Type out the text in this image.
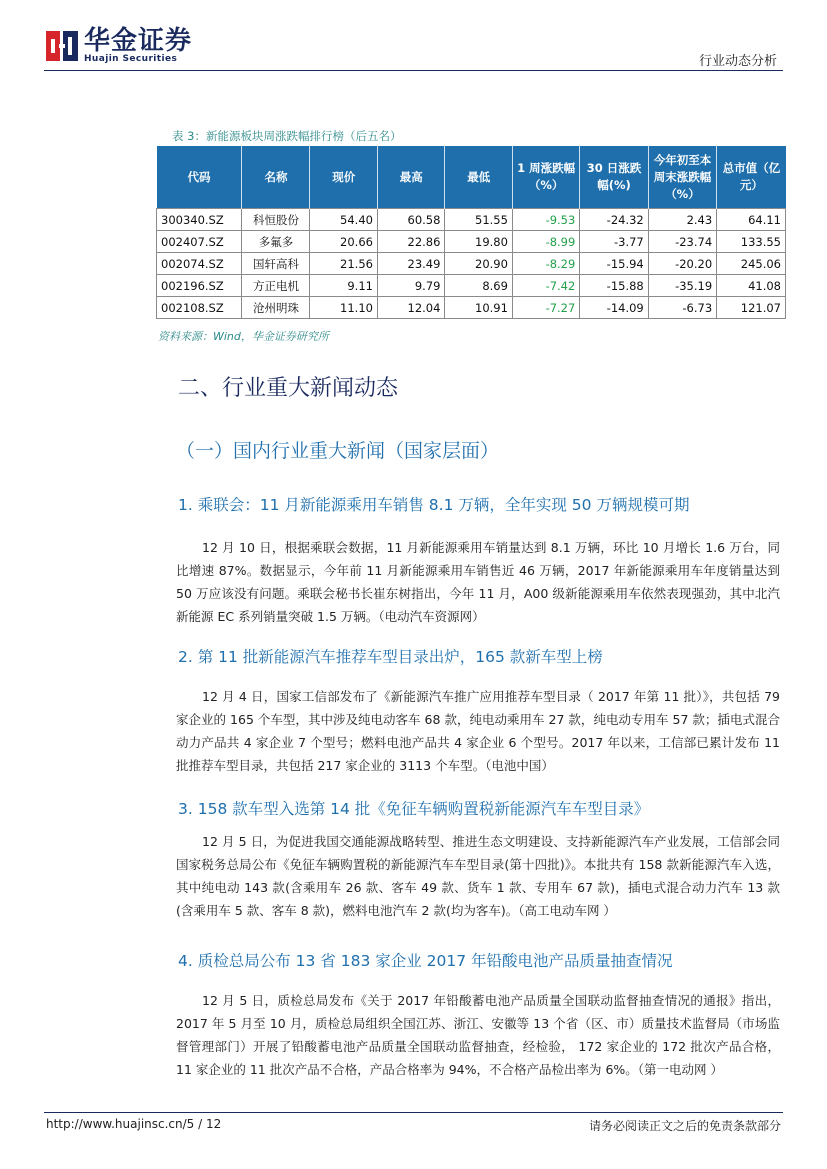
华金证券
Huajin Securities	行业动态分析
表 3：新能源板块周涨跌幅排行榜（后五名）
代码	名称	现价	最高	最低	1 周涨跌幅（%）	30 日涨跌幅(%)	今年初至本周末涨跌幅（%）	总市值（亿元）
300340.SZ	科恒股份	54.40	60.58	51.55	-9.53	-24.32	2.43	64.11
002407.SZ	多氟多	20.66	22.86	19.80	-8.99	-3.77	-23.74	133.55
002074.SZ	国轩高科	21.56	23.49	20.90	-8.29	-15.94	-20.20	245.06
002196.SZ	方正电机	9.11	9.79	8.69	-7.42	-15.88	-35.19	41.08
002108.SZ	沧州明珠	11.10	12.04	10.91	-7.27	-14.09	-6.73	121.07
资料来源：Wind，华金证券研究所
二、行业重大新闻动态
（一）国内行业重大新闻（国家层面）
1. 乘联会：11 月新能源乘用车销售 8.1 万辆，全年实现 50 万辆规模可期

12 月 10 日，根据乘联会数据，11 月新能源乘用车销量达到 8.1 万辆，环比 10 月增长 1.6 万台，同比增速 87%。数据显示，今年前 11 月新能源乘用车销售近 46 万辆，2017 年新能源乘用车年度销量达到 50 万应该没有问题。乘联会秘书长崔东树指出，今年 11 月，A00 级新能源乘用车依然表现强劲，其中北汽新能源 EC 系列销量突破 1.5 万辆。（电动汽车资源网）

2. 第 11 批新能源汽车推荐车型目录出炉，165 款新车型上榜

12 月 4 日，国家工信部发布了《新能源汽车推广应用推荐车型目录（ 2017 年第 11 批）》，共包括 79 家企业的 165 个车型，其中涉及纯电动客车 68 款，纯电动乘用车 27 款，纯电动专用车 57 款；插电式混合动力产品共 4 家企业 7 个型号；燃料电池产品共 4 家企业 6 个型号。2017 年以来，工信部已累计发布 11 批推荐车型目录，共包括 217 家企业的 3113 个车型。（电池中国）

3. 158 款车型入选第 14 批《免征车辆购置税新能源汽车车型目录》

12 月 5 日，为促进我国交通能源战略转型、推进生态文明建设、支持新能源汽车产业发展，工信部会同国家税务总局公布《免征车辆购置税的新能源汽车车型目录(第十四批)》。本批共有 158 款新能源汽车入选，其中纯电动 143 款(含乘用车 26 款、客车 49 款、货车 1 款、专用车 67 款)，插电式混合动力汽车 13 款(含乘用车 5 款、客车 8 款)，燃料电池汽车 2 款(均为客车)。（高工电动车网 ）

4. 质检总局公布 13 省 183 家企业 2017 年铅酸电池产品质量抽查情况

12 月 5 日，质检总局发布《关于 2017 年铅酸蓄电池产品质量全国联动监督抽查情况的通报》指出，2017 年 5 月至 10 月，质检总局组织全国江苏、浙江、安徽等 13 个省（区、市）质量技术监督局（市场监督管理部门）开展了铅酸蓄电池产品质量全国联动监督抽查，经检验， 172 家企业的 172 批次产品合格，11 家企业的 11 批次产品不合格，产品合格率为 94%，不合格产品检出率为 6%。（第一电动网 ）

http://www.huajinsc.cn/5 / 12	请务必阅读正文之后的免责条款部分
